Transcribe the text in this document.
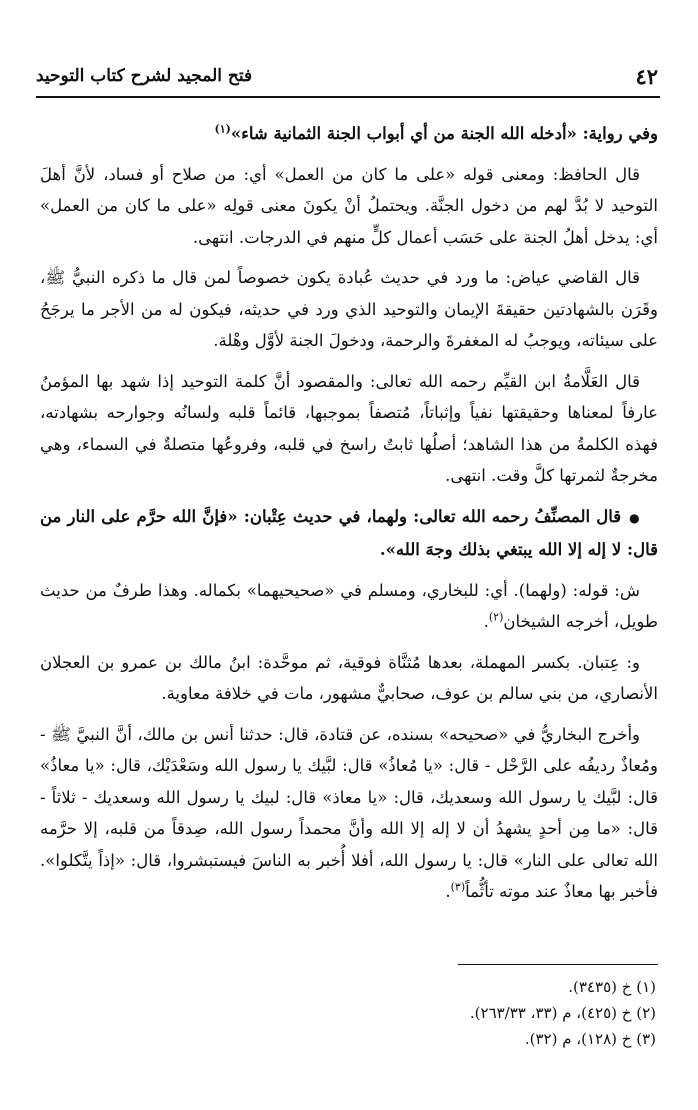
٤٢
فتح المجيد لشرح كتاب التوحيد

وفي رواية: «أدخله الله الجنة من أي أبواب الجنة الثمانية شاء»$^{(١)}$

قال الحافظ: ومعنى قوله «على ما كان من العمل» أي: من صلاح أو فساد، لأنَّ أهلَ التوحيد لا بُدَّ لهم من دخول الجنَّة. ويحتملُ أنْ يكونَ معنى قولِه «على ما كان من العمل» أي: يدخل أهلُ الجنة على حَسَب أعمال كلٍّ منهم في الدرجات. انتهى.

قال القاضي عياض: ما ورد في حديث عُبادة يكون خصوصاً لمن قال ما ذكره النبيُّ ﷺ، وقَرَن بالشهادتين حقيقةَ الإيمان والتوحيد الذي ورد في حديثه، فيكون له من الأجر ما يرجَحُ على سيئاته، ويوجبُ له المغفرةَ والرحمة، ودخولَ الجنة لأوَّل وهْلة.

قال العَلَّامةُ ابن القيِّم رحمه الله تعالى: والمقصود أنَّ كلمة التوحيد إذا شهد بها المؤمنُ عارفاً لمعناها وحقيقتها نفياً وإثباتاً، مُتصفاً بموجبها، قائماً قلبه ولسانُه وجوارحه بشهادته، فهذه الكلمةُ من هذا الشاهد؛ أصلُها ثابتٌ راسخ في قلبه، وفروعُها متصلةٌ في السماء، وهي مخرجةٌ لثمرتها كلَّ وقت. انتهى.

● قال المصنِّفُ رحمه الله تعالى: ولهما، في حديث عِتْبان: «فإنَّ الله حرَّم على النار من قال: لا إله إلا الله يبتغي بذلك وجهَ الله».

ش: قوله: (ولهما). أي: للبخاري، ومسلم في «صحيحيهما» بكماله. وهذا طرفٌ من حديث طويل، أخرجه الشيخان$^{(٢)}$.

و: عِتبان. بكسر المهملة، بعدها مُثنَّاة فوقية، ثم موحَّدة: ابنُ مالك بن عمرو بن العجلان الأنصاري، من بني سالم بن عوف، صحابيٌّ مشهور، مات في خلافة معاوية.

وأخرج البخاريُّ في «صحيحه» بسنده، عن قتادة، قال: حدثنا أنس بن مالك، أنَّ النبيَّ ﷺ - ومُعاذٌ رديفُه على الرَّحْل - قال: «يا مُعاذُ» قال: لبَّيك يا رسول الله وسَعْدَيْك، قال: «يا معاذُ» قال: لبَّيك يا رسول الله وسعديك، قال: «يا معاذ» قال: لبيك يا رسول الله وسعديك - ثلاثاً - قال: «ما مِن أحدٍ يشهدُ أن لا إله إلا الله وأنَّ محمداً رسول الله، صِدقاً من قلبه، إلا حرَّمه الله تعالى على النار» قال: يا رسول الله، أفلا أُخبر به الناسَ فيستبشروا، قال: «إذاً يتَّكلوا». فأخبر بها معاذٌ عند موته تأثُّماً$^{(٣)}$.

(١) خ (٣٤٣٥).
(٢) خ (٤٢٥)، م (٣٣، ٢٦٣/٣٣).
(٣) خ (١٢٨)، م (٣٢).
